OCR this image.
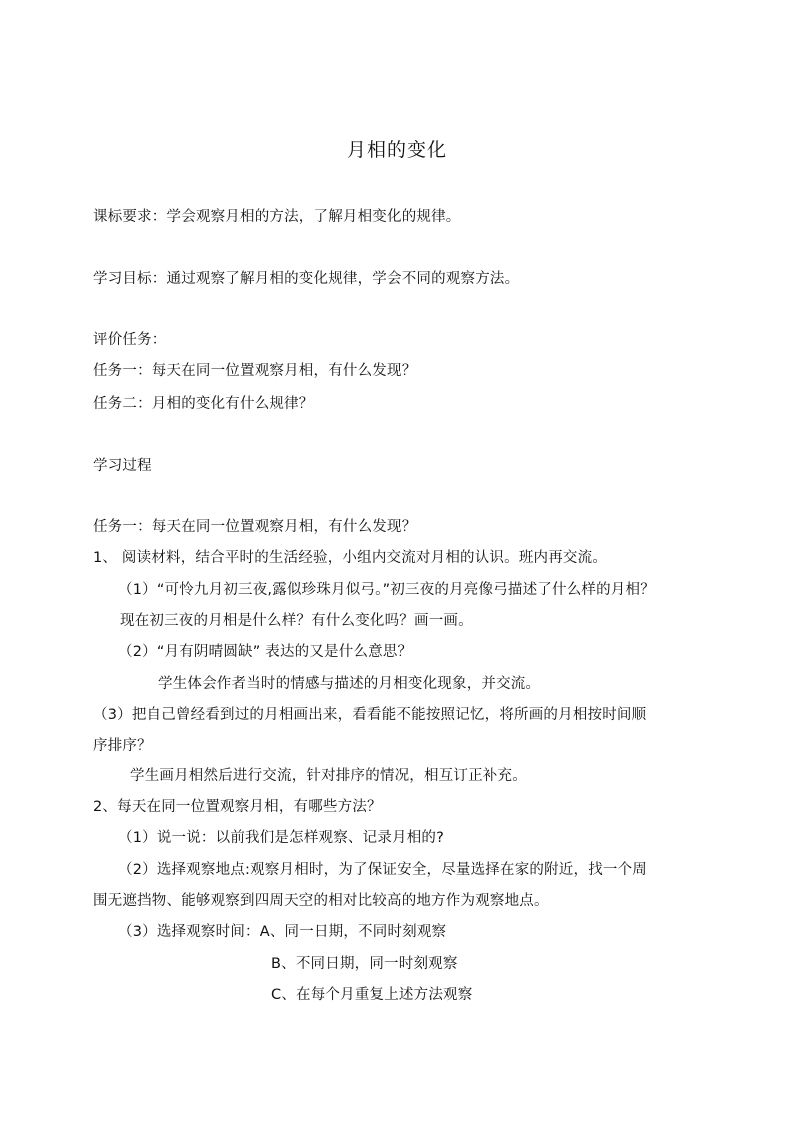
月相的变化
课标要求：学会观察月相的方法，了解月相变化的规律。
学习目标：通过观察了解月相的变化规律，学会不同的观察方法。
评价任务：
任务一：每天在同一位置观察月相，有什么发现？
任务二：月相的变化有什么规律？
学习过程
任务一：每天在同一位置观察月相，有什么发现？
1、 阅读材料，结合平时的生活经验，小组内交流对月相的认识。班内再交流。
（1）“可怜九月初三夜,露似珍珠月似弓。”初三夜的月亮像弓描述了什么样的月相？
现在初三夜的月相是什么样？有什么变化吗？画一画。
（2）“月有阴晴圆缺” 表达的又是什么意思？
学生体会作者当时的情感与描述的月相变化现象，并交流。
（3）把自己曾经看到过的月相画出来，看看能不能按照记忆，将所画的月相按时间顺
序排序？
学生画月相然后进行交流，针对排序的情况，相互订正补充。
2、每天在同一位置观察月相，有哪些方法？
（1）说一说：以前我们是怎样观察、记录月相的?
（2）选择观察地点:观察月相时，为了保证安全，尽量选择在家的附近，找一个周
围无遮挡物、能够观察到四周天空的相对比较高的地方作为观察地点。
（3）选择观察时间：A、同一日期，不同时刻观察
B、不同日期，同一时刻观察
C、在每个月重复上述方法观察
